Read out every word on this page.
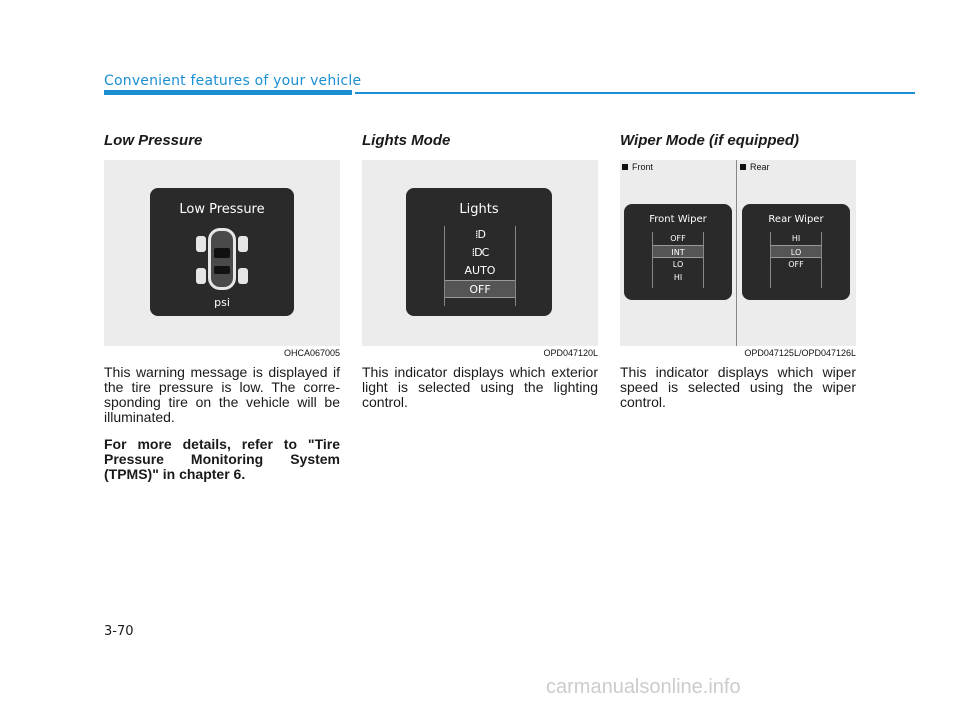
Convenient features of your vehicle
Low Pressure
Low Pressure
psi
OHCA067005

This warning message is displayed if the tire pressure is low. The corre-sponding tire on the vehicle will be illuminated.

For more details, refer to "Tire Pressure Monitoring System (TPMS)" in chapter 6.

Lights Mode
Lights
⁞D
⁞DC
AUTO
OFF
OPD047120L

This indicator displays which exterior light is selected using the lighting control.

Wiper Mode (if equipped)
Front	Rear
Front Wiper
OFF
INT
LO
HI
Rear Wiper
HI
LO
OFF
OPD047125L/OPD047126L

This indicator displays which wiper speed is selected using the wiper control.

3-70
carmanualsonline.info
